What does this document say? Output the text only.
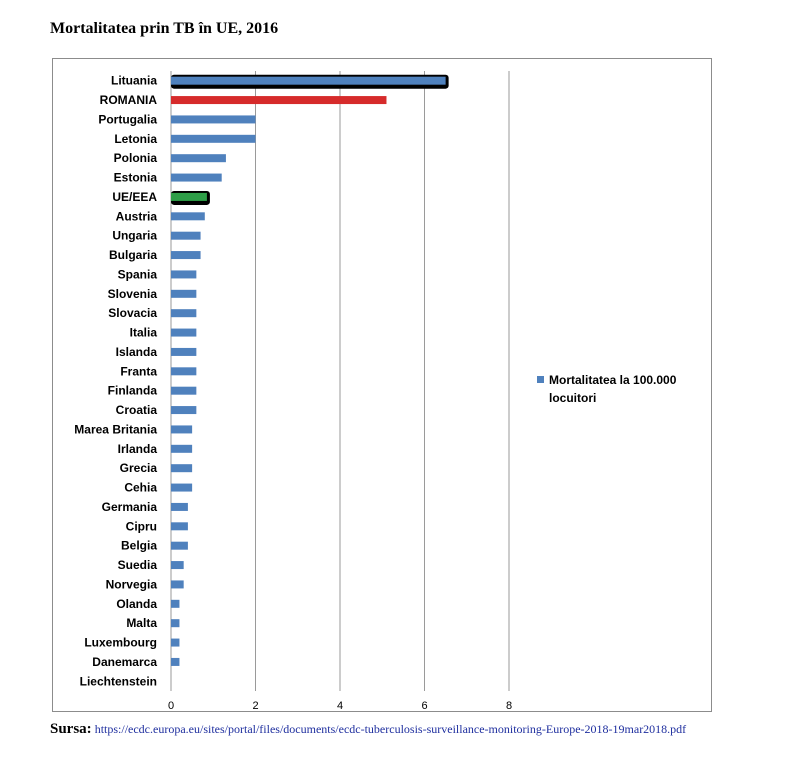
Mortalitatea prin TB în UE, 2016
0	2	4	6	8
Lituania
ROMANIA
Portugalia
Letonia
Polonia
Estonia
UE/EEA
Austria
Ungaria
Bulgaria
Spania
Slovenia
Slovacia
Italia
Islanda
Franta
Finlanda
Croatia
Marea Britania
Irlanda
Grecia
Cehia
Germania
Cipru
Belgia
Suedia
Norvegia
Olanda
Malta
Luxembourg
Danemarca
Liechtenstein
Mortalitatea la 100.000 locuitori
Sursa: https://ecdc.europa.eu/sites/portal/files/documents/ecdc-tuberculosis-surveillance-monitoring-Europe-2018-19mar2018.pdf
